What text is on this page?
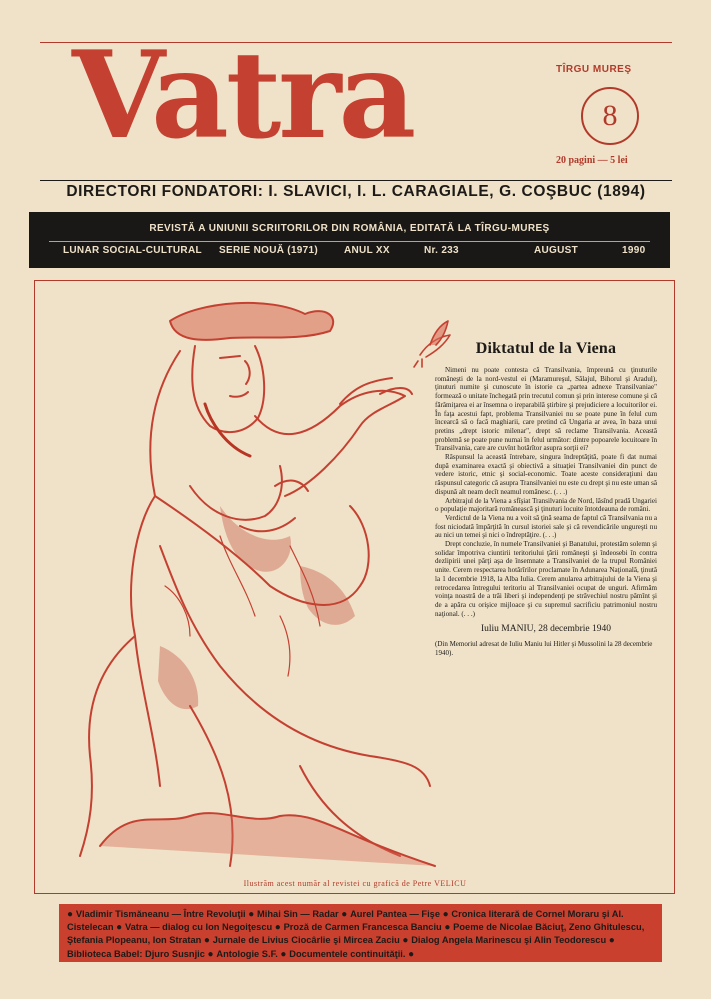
Vatra	TÎRGU MUREŞ
8
20 pagini — 5 lei
DIRECTORI FONDATORI: I. SLAVICI, I. L. CARAGIALE, G. COŞBUC (1894)
REVISTĂ A UNIUNII SCRIITORILOR DIN ROMÂNIA, EDITATĂ LA TÎRGU-MUREŞ
LUNAR SOCIAL-CULTURAL SERIE NOUĂ (1971)	ANUL XX	Nr. 233	AUGUST	1990
Diktatul de la Viena

Nimeni nu poate contesta că Transilvania, împreună cu ţinuturile româneşti de la nord-vestul ei (Maramureşul, Sălajul, Bihorul şi Aradul), ţinuturi numite şi cunoscute în istorie ca „partea adnexe Transilvaniae" formează o unitate închegată prin trecutul comun şi prin interese comune şi că fărâmiţarea ei ar însemna o ireparabilă ştirbire şi prejudiciere a locuitorilor ei. În faţa acestui fapt, problema Transilvaniei nu se poate pune în felul cum încearcă să o facă maghiarii, care pretind că Ungaria ar avea, în baza unui pretins „drept istoric milenar", drept să reclame Transilvania. Această problemă se poate pune numai în felul următor: dintre popoarele locuitoare în Transilvania, care are cuvînt hotărîtor asupra sorţii ei?

Răspunsul la această întrebare, singura îndreptăţită, poate fi dat numai după examinarea exactă şi obiectivă a situaţiei Transilvaniei din punct de vedere istoric, etnic şi social-economic. Toate aceste consideraţiuni dau răspunsul categoric că asupra Transilvaniei nu este cu drept şi nu este uman să dispună alt neam decît neamul românesc. (. . .)

Arbitrajul de la Viena a sfîşiat Transilvania de Nord, lăsînd pradă Ungariei o populaţie majoritară românească şi ţinuturi locuite întotdeauna de români.

Verdictul de la Viena nu a voit să ţină seama de faptul că Transilvania nu a fost niciodată împărţită în cursul istoriei sale şi că revendicările ungureşti nu au nici un temei şi nici o îndreptăţire. (. . .)

Drept concluzie, în numele Transilvaniei şi Banatului, protestăm solemn şi solidar împotriva ciuntirii teritoriului ţării româneşti şi îndeosebi în contra dezlipirii unei părţi aşa de însemnate a Transilvaniei de la trupul României unite. Cerem respectarea hotărîrilor proclamate în Adunarea Naţională, ţinută la 1 decembrie 1918, la Alba Iulia. Cerem anularea arbitrajului de la Viena şi retrocedarea întregului teritoriu al Transilvaniei ocupat de unguri. Afirmăm voinţa noastră de a trăi liberi şi independenţi pe străvechiul nostru pămînt şi de a apăra cu orişice mijloace şi cu supremul sacrificiu patrimoniul nostru naţional. (. . .)

Iuliu MANIU, 28 decembrie 1940
(Din Memoriul adresat de Iuliu Maniu lui Hitler şi Mussolini la 28 decembrie 1940).
Ilustrăm acest număr al revistei cu grafică de Petre VELICU
● Vladimir Tismăneanu — Între Revoluţii ● Mihai Sin — Radar ● Aurel Pantea — Fişe ● Cronica literară de Cornel Moraru şi Al. Cistelecan ● Vatra — dialog cu Ion Negoiţescu ● Proză de Carmen Francesca Banciu ● Poeme de Nicolae Băciuţ, Zeno Ghitulescu, Ştefania Plopeanu, Ion Stratan ● Jurnale de Livius Ciocârlie şi Mircea Zaciu ● Dialog Angela Marinescu şi Alin Teodorescu ● Biblioteca Babel: Djuro Susnjic ● Antologie S.F. ● Documentele continuităţii. ●
